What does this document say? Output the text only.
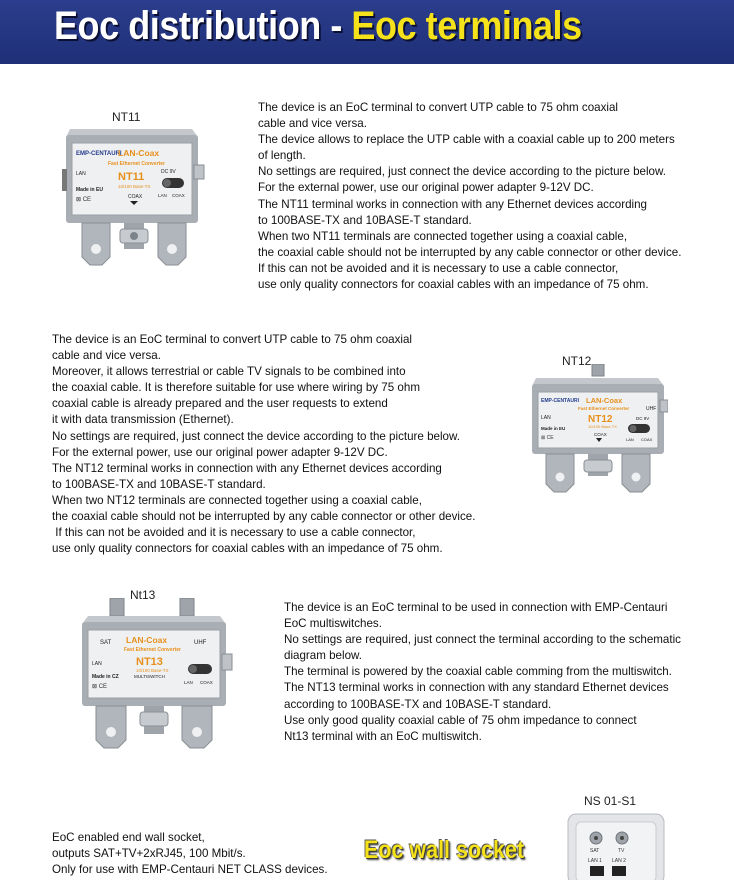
Eoc distribution - Eoc terminals
NT11
EMP-CENTAURI
LAN-Coax
Fast Ethernet Converter
NT11
10/100 Base-TX
LAN	DC 9V
COAX
Made in EU
⊠ CE
LAN COAX
The device is an EoC terminal to convert UTP cable to 75 ohm coaxial
cable and vice versa.
The device allows to replace the UTP cable with a coaxial cable up to 200 meters
of length.
No settings are required, just connect the device according to the picture below.
For the external power, use our original power adapter 9-12V DC.
The NT11 terminal works in connection with any Ethernet devices according
to 100BASE-TX and 10BASE-T standard.
When two NT11 terminals are connected together using a coaxial cable,
the coaxial cable should not be interrupted by any cable connector or other device.
If this can not be avoided and it is necessary to use a cable connector,
use only quality connectors for coaxial cables with an impedance of 75 ohm.
The device is an EoC terminal to convert UTP cable to 75 ohm coaxial
cable and vice versa.
Moreover, it allows terrestrial or cable TV signals to be combined into
the coaxial cable. It is therefore suitable for use where wiring by 75 ohm
coaxial cable is already prepared and the user requests to extend
it with data transmission (Ethernet).
No settings are required, just connect the device according to the picture below.
For the external power, use our original power adapter 9-12V DC.
The NT12 terminal works in connection with any Ethernet devices according
to 100BASE-TX and 10BASE-T standard.
When two NT12 terminals are connected together using a coaxial cable,
the coaxial cable should not be interrupted by any cable connector or other device.
If this can not be avoided and it is necessary to use a cable connector,
use only quality connectors for coaxial cables with an impedance of 75 ohm.
NT12
EMP-CENTAURI LAN-Coax
Fast Ethernet Converter
NT12
10/100 Base-TX
LAN
UHF
DC 9V
COAX
Made in EU
⊠ CE	LAN COAX
Nt13
SAT LAN-Coax	UHF
Fast Ethernet Converter
NT13
10/100 Base-TX
MULTISWITCH
LAN
Made in CZ
⊠ CE
LAN COAX
The device is an EoC terminal to be used in connection with EMP-Centauri
EoC multiswitches.
No settings are required, just connect the terminal according to the schematic
diagram below.
The terminal is powered by the coaxial cable comming from the multiswitch.
The NT13 terminal works in connection with any standard Ethernet devices
according to 100BASE-TX and 10BASE-T standard.
Use only good quality coaxial cable of 75 ohm impedance to connect
Nt13 terminal with an EoC multiswitch.
NS 01-S1
SAT	TV
LAN 1 LAN 2
Eoc wall socket
EoC enabled end wall socket,
outputs SAT+TV+2xRJ45, 100 Mbit/s.
Only for use with EMP-Centauri NET CLASS devices.
